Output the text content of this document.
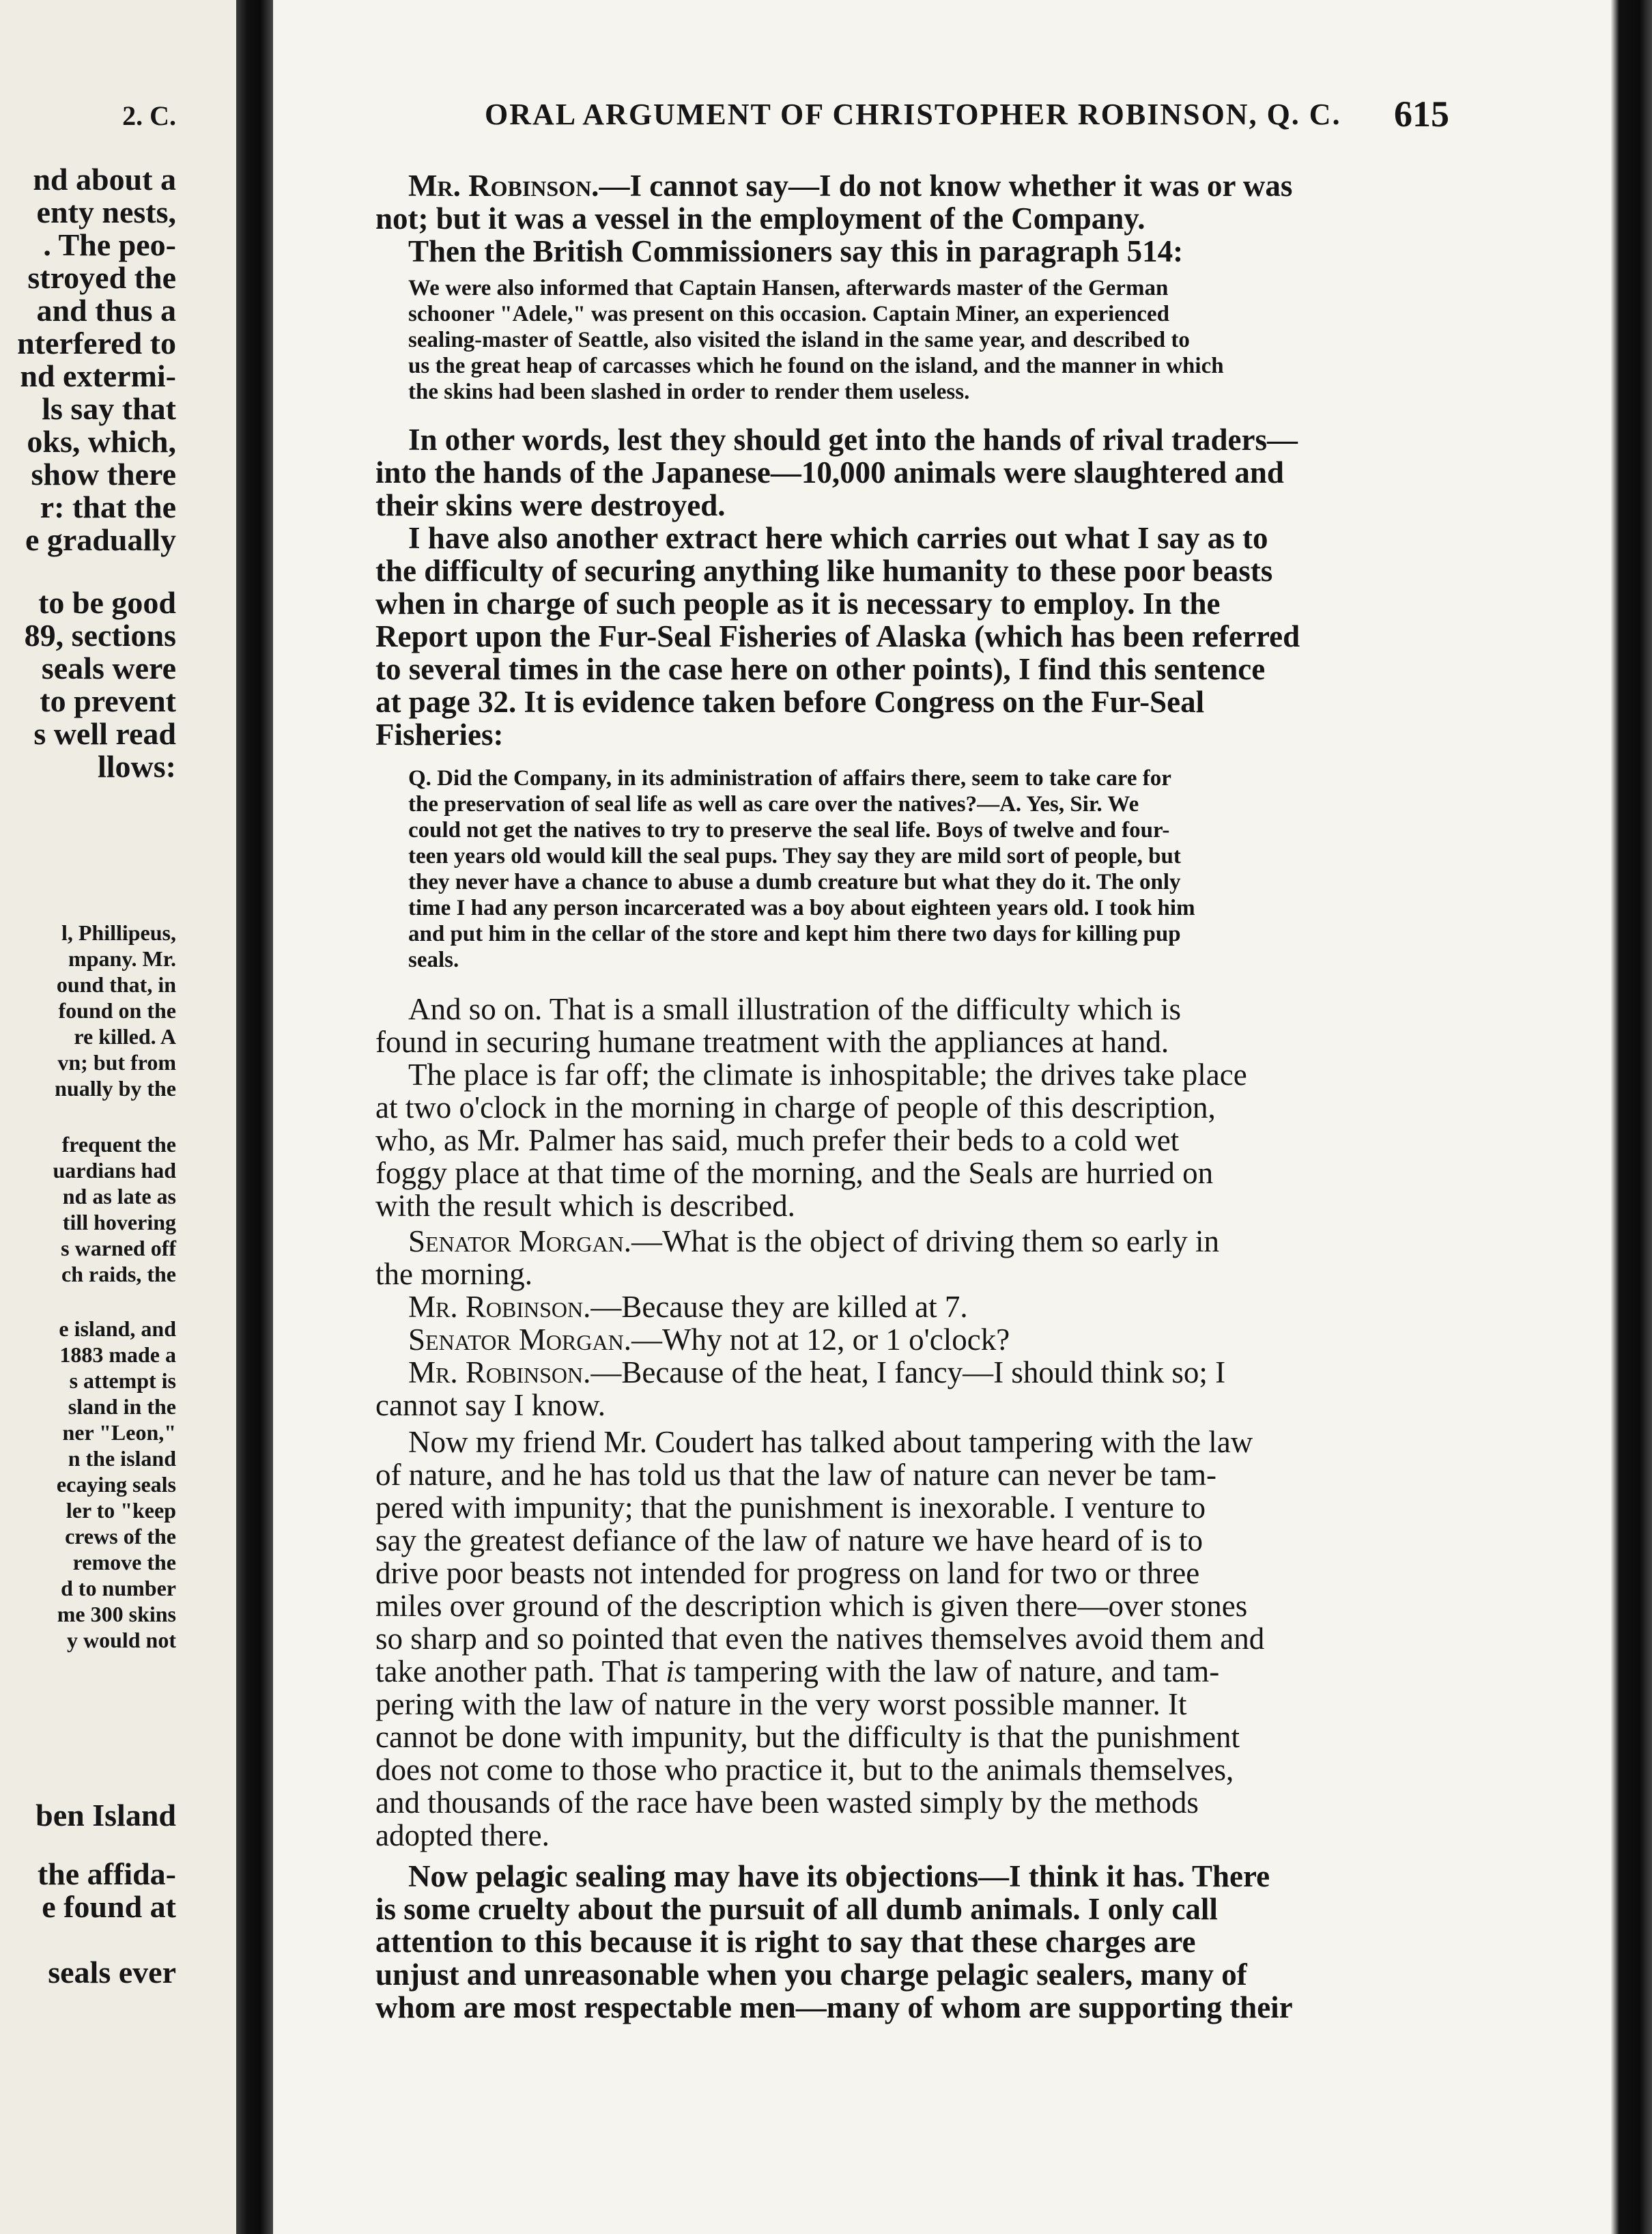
2. C.
nd about a
enty nests,
. The peo-
stroyed the
and thus a
nterfered to
nd extermi-
ls say that
oks, which,
show there
r: that the
e gradually
to be good
89, sections
seals were
to prevent
s well read
llows:
l, Phillipeus,
mpany. Mr.
ound that, in
found on the
re killed. A
vn; but from
nually by the
frequent the
uardians had
nd as late as
till hovering
s warned off
ch raids, the
e island, and
1883 made a
s attempt is
sland in the
ner "Leon,"
n the island
ecaying seals
ler to "keep
crews of the
remove the
d to number
me 300 skins
y would not
ben Island
the affida-
e found at
seals ever
ORAL ARGUMENT OF CHRISTOPHER ROBINSON, Q. C. 615
Mr. Robinson.—I cannot say—I do not know whether it was or was
not; but it was a vessel in the employment of the Company.
Then the British Commissioners say this in paragraph 514:
We were also informed that Captain Hansen, afterwards master of the German
schooner "Adele," was present on this occasion. Captain Miner, an experienced
sealing-master of Seattle, also visited the island in the same year, and described to
us the great heap of carcasses which he found on the island, and the manner in which
the skins had been slashed in order to render them useless.
In other words, lest they should get into the hands of rival traders—
into the hands of the Japanese—10,000 animals were slaughtered and
their skins were destroyed.
I have also another extract here which carries out what I say as to
the difficulty of securing anything like humanity to these poor beasts
when in charge of such people as it is necessary to employ. In the
Report upon the Fur-Seal Fisheries of Alaska (which has been referred
to several times in the case here on other points), I find this sentence
at page 32. It is evidence taken before Congress on the Fur-Seal
Fisheries:
Q. Did the Company, in its administration of affairs there, seem to take care for
the preservation of seal life as well as care over the natives?—A. Yes, Sir. We
could not get the natives to try to preserve the seal life. Boys of twelve and four-
teen years old would kill the seal pups. They say they are mild sort of people, but
they never have a chance to abuse a dumb creature but what they do it. The only
time I had any person incarcerated was a boy about eighteen years old. I took him
and put him in the cellar of the store and kept him there two days for killing pup
seals.
And so on. That is a small illustration of the difficulty which is
found in securing humane treatment with the appliances at hand.
The place is far off; the climate is inhospitable; the drives take place
at two o'clock in the morning in charge of people of this description,
who, as Mr. Palmer has said, much prefer their beds to a cold wet
foggy place at that time of the morning, and the Seals are hurried on
with the result which is described.
Senator Morgan.—What is the object of driving them so early in
the morning.
Mr. Robinson.—Because they are killed at 7.
Senator Morgan.—Why not at 12, or 1 o'clock?
Mr. Robinson.—Because of the heat, I fancy—I should think so; I
cannot say I know.
Now my friend Mr. Coudert has talked about tampering with the law
of nature, and he has told us that the law of nature can never be tam-
pered with impunity; that the punishment is inexorable. I venture to
say the greatest defiance of the law of nature we have heard of is to
drive poor beasts not intended for progress on land for two or three
miles over ground of the description which is given there—over stones
so sharp and so pointed that even the natives themselves avoid them and
take another path. That is tampering with the law of nature, and tam-
pering with the law of nature in the very worst possible manner. It
cannot be done with impunity, but the difficulty is that the punishment
does not come to those who practice it, but to the animals themselves,
and thousands of the race have been wasted simply by the methods
adopted there.
Now pelagic sealing may have its objections—I think it has. There
is some cruelty about the pursuit of all dumb animals. I only call
attention to this because it is right to say that these charges are
unjust and unreasonable when you charge pelagic sealers, many of
whom are most respectable men—many of whom are supporting their
